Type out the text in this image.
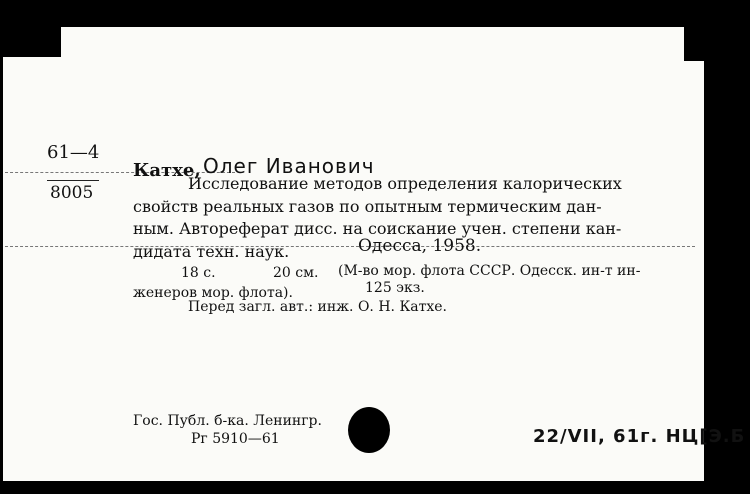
61—4
8005
Катхе, Олег Иванович
Исследование методов определения калорических
свойств реальных газов по опытным термическим дан-
ным. Автореферат дисс. на соискание учен. степени кан-
дидата техн. наук.	Одесса, 1958.
18 с.	20 см. (М-во мор. флота СССР. Одесск. ин-т ин-
женеров мор. флота).	125 экз.
Перед загл. авт.: инж. О. Н. Катхе.
Гос. Публ. б-ка. Ленингр.
Рг 5910—61	22/VII, 61г. НЦ[Э.Б
